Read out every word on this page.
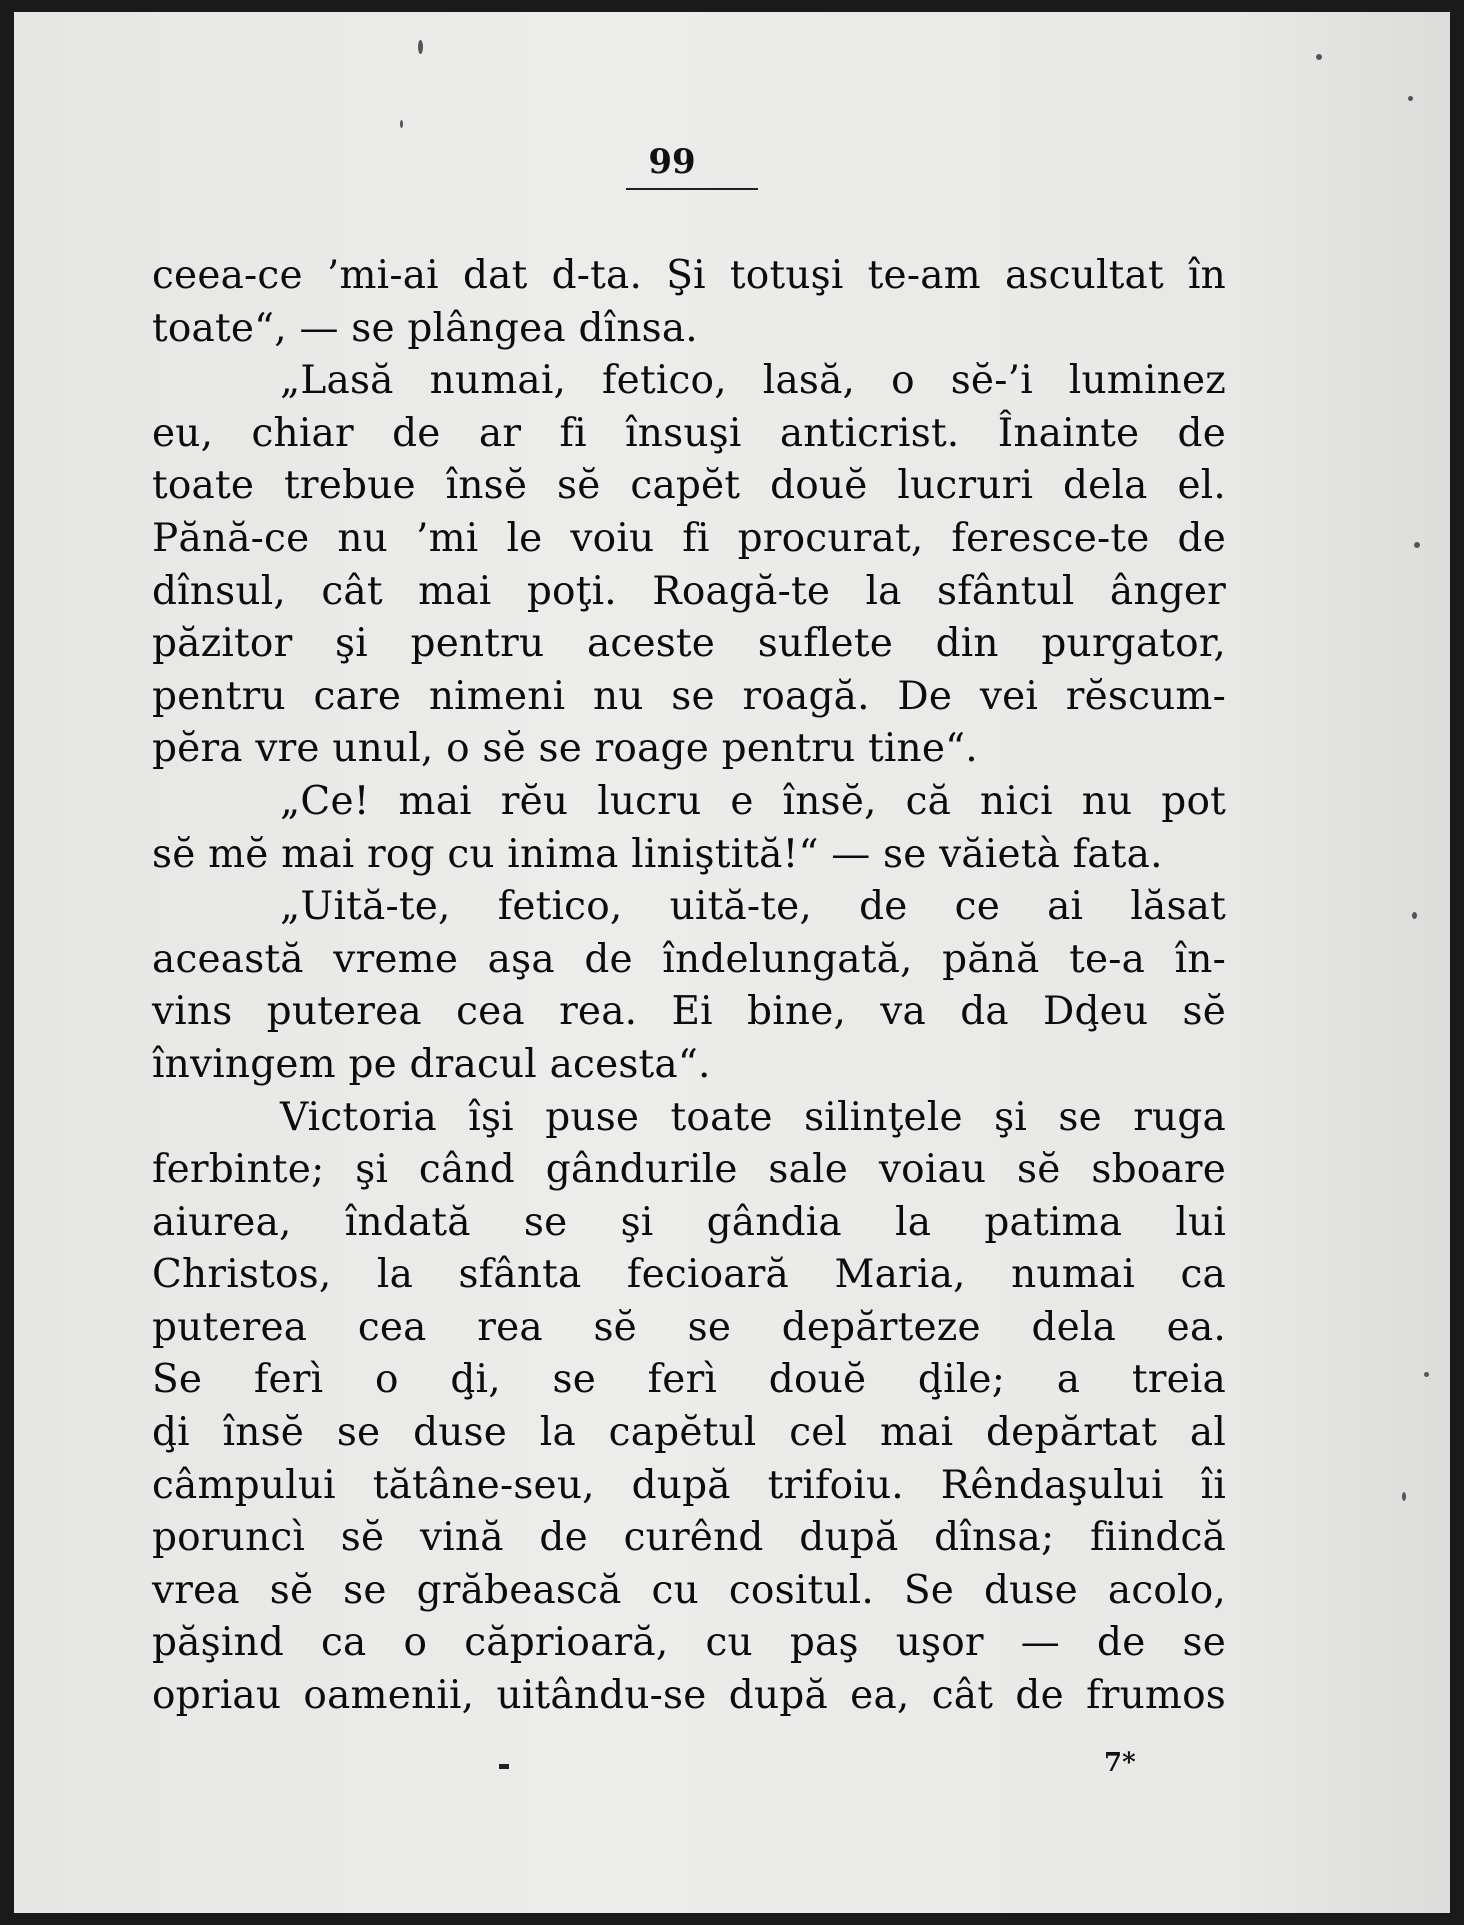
99
ceea-ce ’mi-ai dat d-ta. Şi totuşi te-am ascultat în
toate“, — se plângea dînsa.
„Lasă numai, fetico, lasă, o sĕ-’i luminez
eu, chiar de ar fi însuşi anticrist. Înainte de
toate trebue însĕ sĕ capĕt douĕ lucruri dela el.
Pănă-ce nu ’mi le voiu fi procurat, feresce-te de
dînsul, cât mai poţi. Roagă-te la sfântul ânger
păzitor şi pentru aceste suflete din purgator,
pentru care nimeni nu se roagă. De vei rĕscum-
pĕra vre unul, o sĕ se roage pentru tine“.
„Ce! mai rĕu lucru e însĕ, că nici nu pot
sĕ mĕ mai rog cu inima liniştită!“ — se văietà fata.
„Uită-te, fetico, uită-te, de ce ai lăsat
această vreme aşa de îndelungată, pănă te-a în-
vins puterea cea rea. Ei bine, va da Dḑeu sĕ
învingem pe dracul acesta“.
Victoria îşi puse toate silinţele şi se ruga
ferbinte; şi când gândurile sale voiau sĕ sboare
aiurea, îndată se şi gândia la patima lui
Christos, la sfânta fecioară Maria, numai ca
puterea cea rea sĕ se depărteze dela ea.
Se ferì o ḑi, se ferì douĕ ḑile; a treia
ḑi însĕ se duse la capĕtul cel mai depărtat al
câmpului tătâne-seu, după trifoiu. Rêndaşului îi
poruncì sĕ vină de curênd după dînsa; fiindcă
vrea sĕ se grăbească cu cositul. Se duse acolo,
păşind ca o căprioară, cu paş uşor — de se
opriau oamenii, uitându-se după ea, cât de frumos
7*
